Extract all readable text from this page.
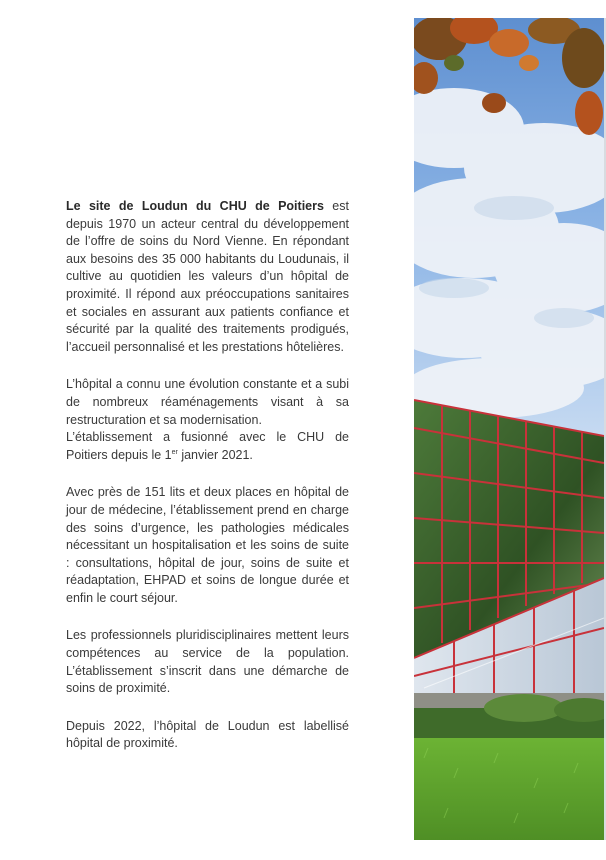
Le site de Loudun du CHU de Poitiers est depuis 1970 un acteur central du développement de l’offre de soins du Nord Vienne. En répondant aux besoins des 35 000 habitants du Loudunais, il cultive au quotidien les valeurs d’un hôpital de proximité. Il répond aux préoccupations sanitaires et sociales en assurant aux patients confiance et sécurité par la qualité des traitements prodigués, l’accueil personnalisé et les prestations hôtelières.

L’hôpital a connu une évolution constante et a subi de nombreux réaménagements visant à sa restructuration et sa modernisation.
L’établissement a fusionné avec le CHU de Poitiers depuis le 1er janvier 2021.

Avec près de 151 lits et deux places en hôpital de jour de médecine, l’établissement prend en charge des soins d’urgence, les pathologies médicales nécessitant un hospitalisation et les soins de suite : consultations, hôpital de jour, soins de suite et réadaptation, EHPAD et soins de longue durée et enfin le court séjour.

Les professionnels pluridisciplinaires mettent leurs compétences au service de la population. L’établissement s’inscrit dans une démarche de soins de proximité.

Depuis 2022, l’hôpital de Loudun est labellisé hôpital de proximité.
